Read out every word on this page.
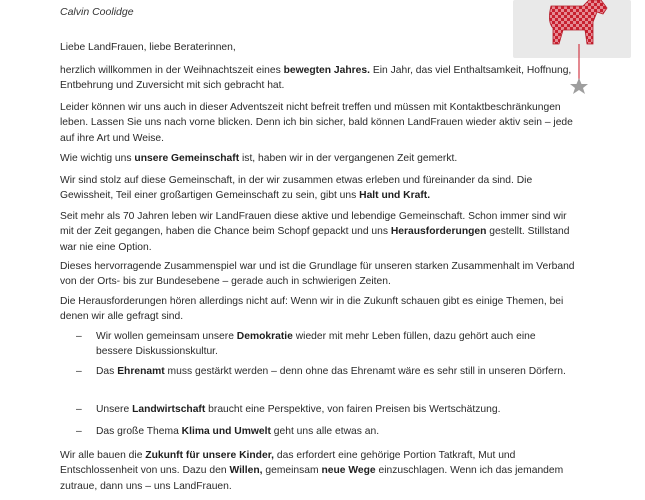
Calvin Coolidge

Liebe LandFrauen, liebe Beraterinnen,

herzlich willkommen in der Weihnachtszeit eines bewegten Jahres. Ein Jahr, das viel Enthaltsamkeit, Hoffnung, Entbehrung und Zuversicht mit sich gebracht hat.

Leider können wir uns auch in dieser Adventszeit nicht befreit treffen und müssen mit Kontaktbeschränkungen leben. Lassen Sie uns nach vorne blicken. Denn ich bin sicher, bald können LandFrauen wieder aktiv sein – jede auf ihre Art und Weise.

Wie wichtig uns unsere Gemeinschaft ist, haben wir in der vergangenen Zeit gemerkt.

Wir sind stolz auf diese Gemeinschaft, in der wir zusammen etwas erleben und füreinander da sind. Die Gewissheit, Teil einer großartigen Gemeinschaft zu sein, gibt uns Halt und Kraft.

Seit mehr als 70 Jahren leben wir LandFrauen diese aktive und lebendige Gemeinschaft. Schon immer sind wir mit der Zeit gegangen, haben die Chance beim Schopf gepackt und uns Herausforderungen gestellt. Stillstand war nie eine Option.

Dieses hervorragende Zusammenspiel war und ist die Grundlage für unseren starken Zusammenhalt im Verband von der Orts- bis zur Bundesebene – gerade auch in schwierigen Zeiten.

Die Herausforderungen hören allerdings nicht auf: Wenn wir in die Zukunft schauen gibt es einige Themen, bei denen wir alle gefragt sind.

– Wir wollen gemeinsam unsere Demokratie wieder mit mehr Leben füllen, dazu gehört auch eine bessere Diskussionskultur.
– Das Ehrenamt muss gestärkt werden – denn ohne das Ehrenamt wäre es sehr still in unseren Dörfern.
– Unsere Landwirtschaft braucht eine Perspektive, von fairen Preisen bis Wertschätzung.
– Das große Thema Klima und Umwelt geht uns alle etwas an.

Wir alle bauen die Zukunft für unsere Kinder, das erfordert eine gehörige Portion Tatkraft, Mut und Entschlossenheit von uns. Dazu den Willen, gemeinsam neue Wege einzuschlagen. Wenn ich das jemandem zutraue, dann uns – uns LandFrauen.
